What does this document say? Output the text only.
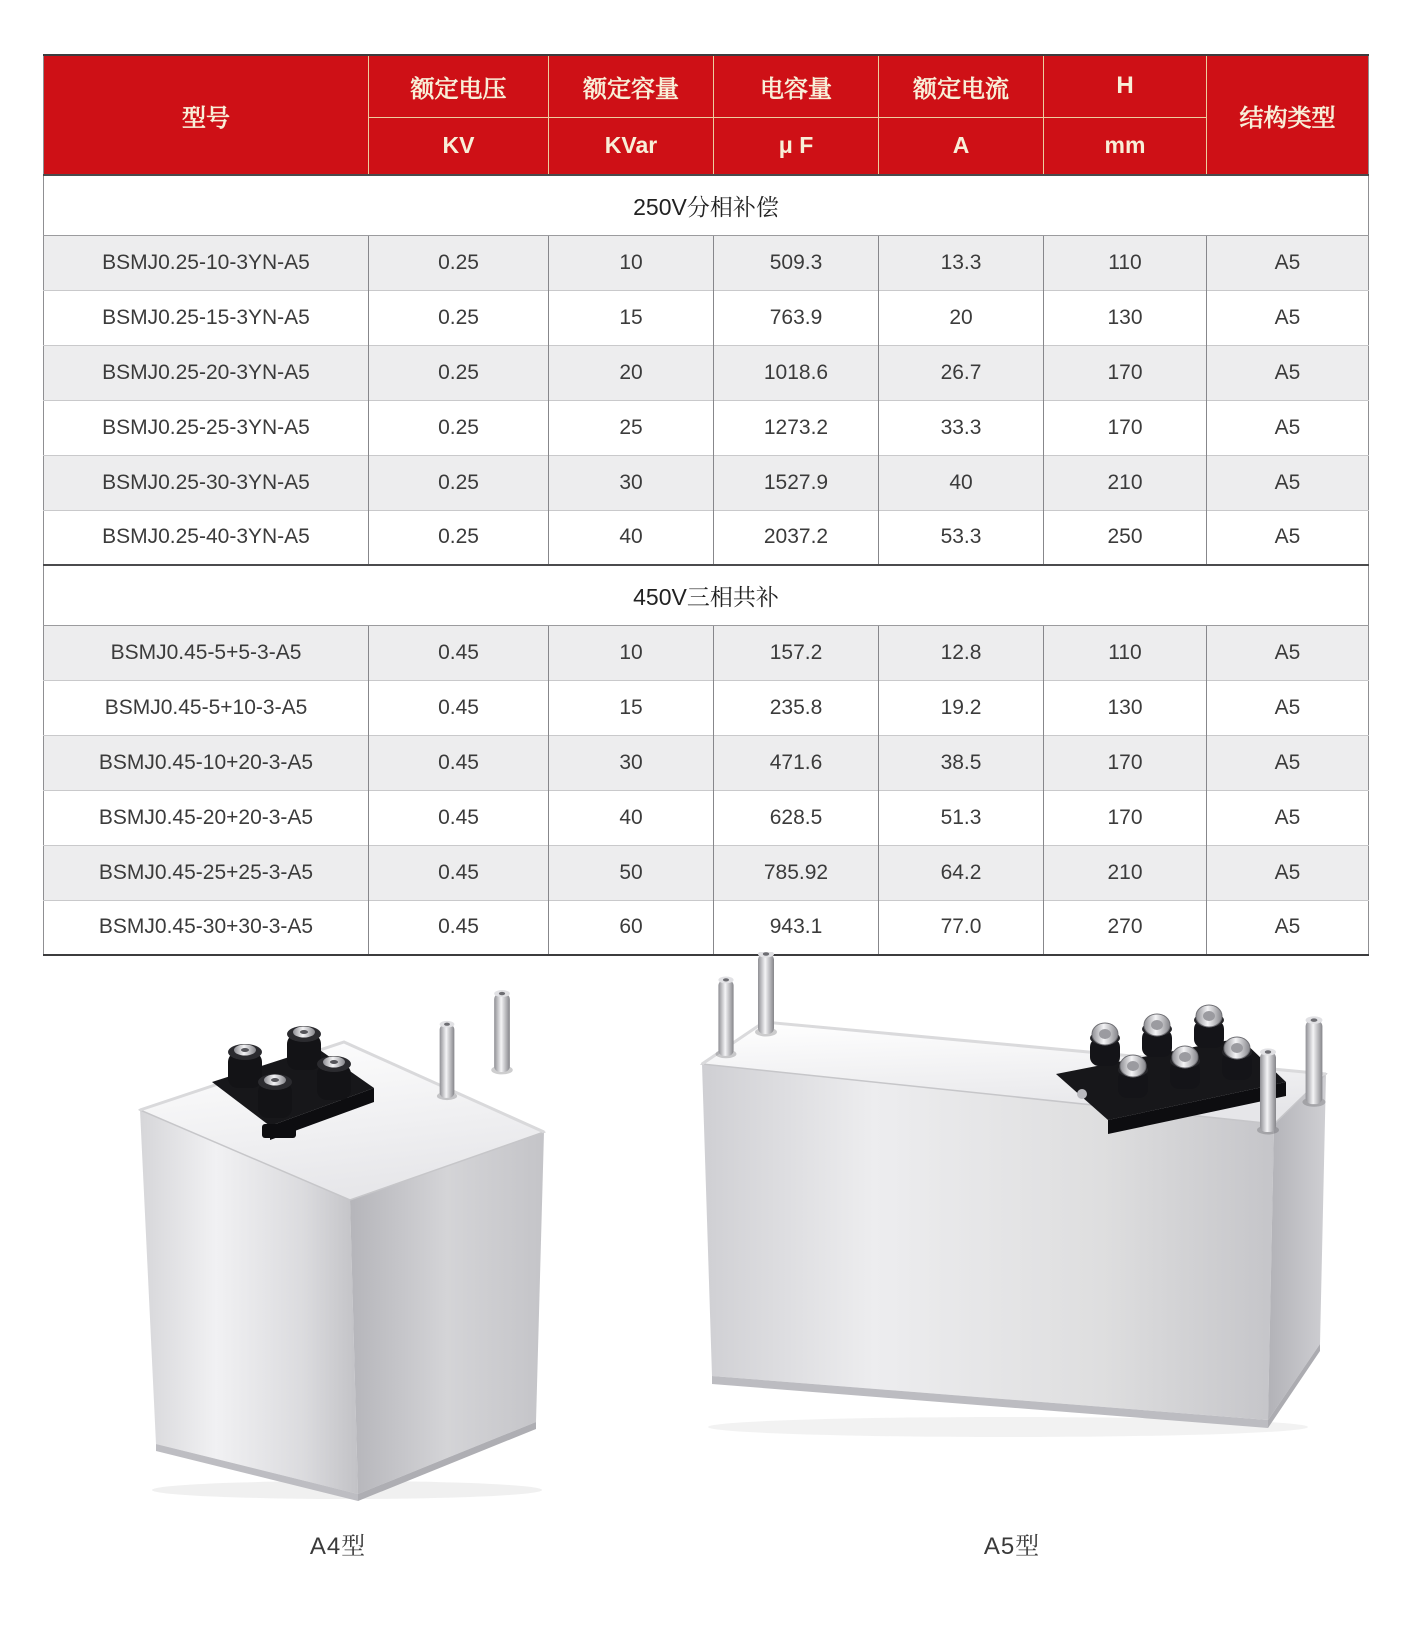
型号	额定电压	额定容量	电容量	额定电流	H	结构类型
	KV	KVar	μ F	A	mm	
250V分相补偿						
BSMJ0.25-10-3YN-A5	0.25	10	509.3	13.3	110	A5
BSMJ0.25-15-3YN-A5	0.25	15	763.9	20	130	A5
BSMJ0.25-20-3YN-A5	0.25	20	1018.6	26.7	170	A5
BSMJ0.25-25-3YN-A5	0.25	25	1273.2	33.3	170	A5
BSMJ0.25-30-3YN-A5	0.25	30	1527.9	40	210	A5
BSMJ0.25-40-3YN-A5	0.25	40	2037.2	53.3	250	A5
450V三相共补						
BSMJ0.45-5+5-3-A5	0.45	10	157.2	12.8	110	A5
BSMJ0.45-5+10-3-A5	0.45	15	235.8	19.2	130	A5
BSMJ0.45-10+20-3-A5	0.45	30	471.6	38.5	170	A5
BSMJ0.45-20+20-3-A5	0.45	40	628.5	51.3	170	A5
BSMJ0.45-25+25-3-A5	0.45	50	785.92	64.2	210	A5
BSMJ0.45-30+30-3-A5	0.45	60	943.1	77.0	270	A5
A4型	A5型
